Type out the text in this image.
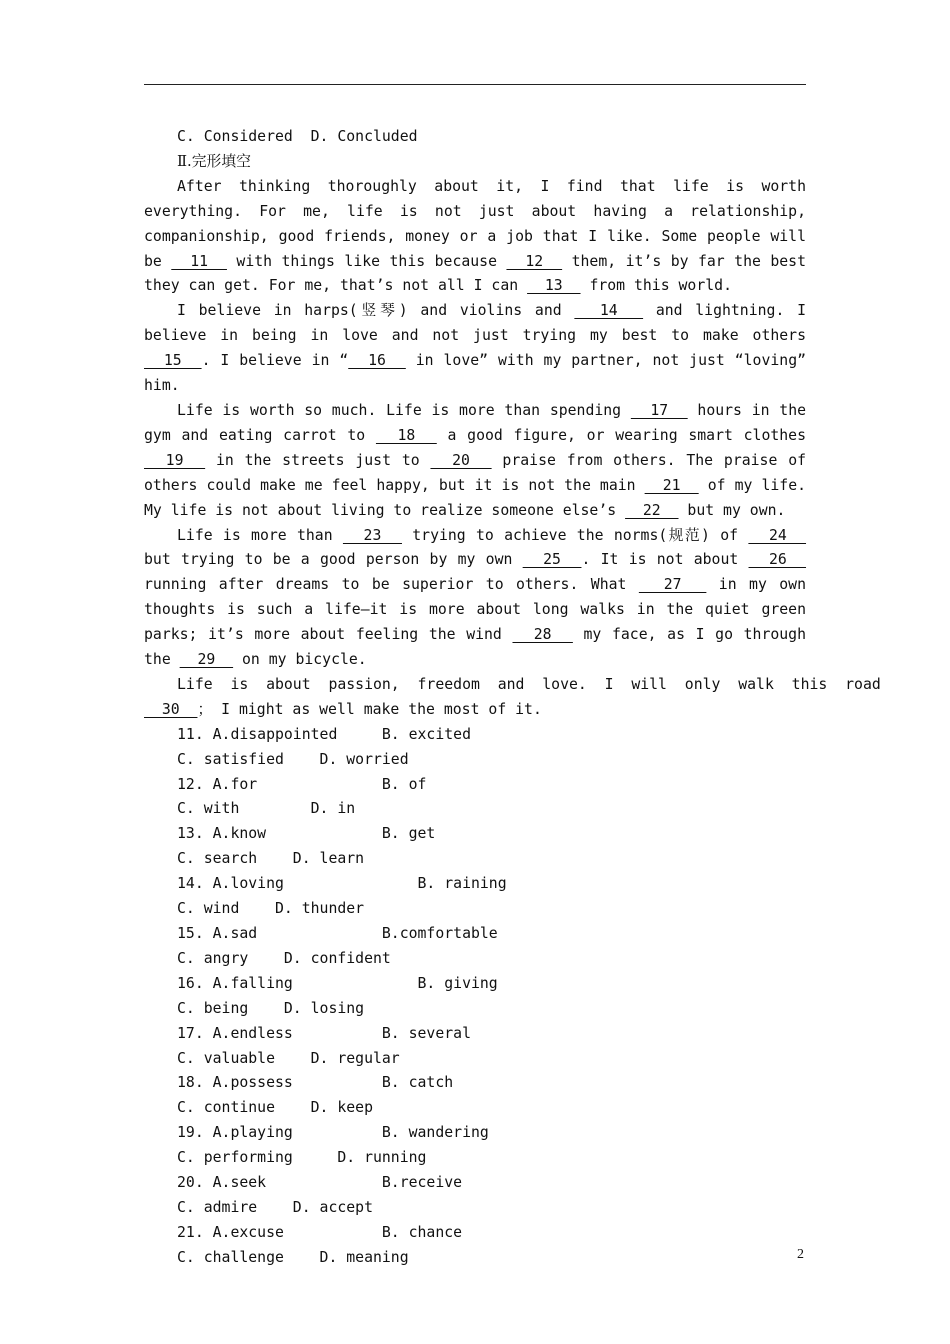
C. Considered  D. Concluded

Ⅱ.完形填空

After thinking thoroughly about it, I find that life is worth everything. For me, life is not just about having a relationship, companionship, good friends, money or a job that I like. Some people will be   11   with things like this because   12   them, it’s by far the best they can get. For me, that’s not all I can   13   from this world.

I believe in harps(竖琴) and violins and   14   and lightning. I believe in being in love and not just trying my best to make others   15  . I believe in “  16   in love” with my partner, not just “loving” him.

Life is worth so much. Life is more than spending   17   hours in the gym and eating carrot to   18   a good figure, or wearing smart clothes   19   in the streets just to   20   praise from others. The praise of others could make me feel happy, but it is not the main   21   of my life. My life is not about living to realize someone else’s   22   but my own.

Life is more than   23   trying to achieve the norms(规范) of   24   but trying to be a good person by my own   25  . It is not about   26   running after dreams to be superior to others. What   27   in my own thoughts is such a life—it is more about long walks in the quiet green parks; it’s more about feeling the wind   28   my face, as I go through the   29   on my bicycle.

Life  is  about  passion,  freedom  and  love.  I  will  only  walk  this  road

30  ； I might as well make the most of it.

11. A.disappointed     B. excited

C. satisfied    D. worried

12. A.for              B. of

C. with        D. in

13. A.know             B. get

C. search    D. learn

14. A.loving               B. raining

C. wind    D. thunder

15. A.sad              B.comfortable

C. angry    D. confident

16. A.falling              B. giving

C. being    D. losing

17. A.endless          B. several

C. valuable    D. regular

18. A.possess          B. catch

C. continue    D. keep

19. A.playing          B. wandering

C. performing     D. running

20. A.seek             B.receive

C. admire    D. accept

21. A.excuse           B. chance

C. challenge    D. meaning	2
